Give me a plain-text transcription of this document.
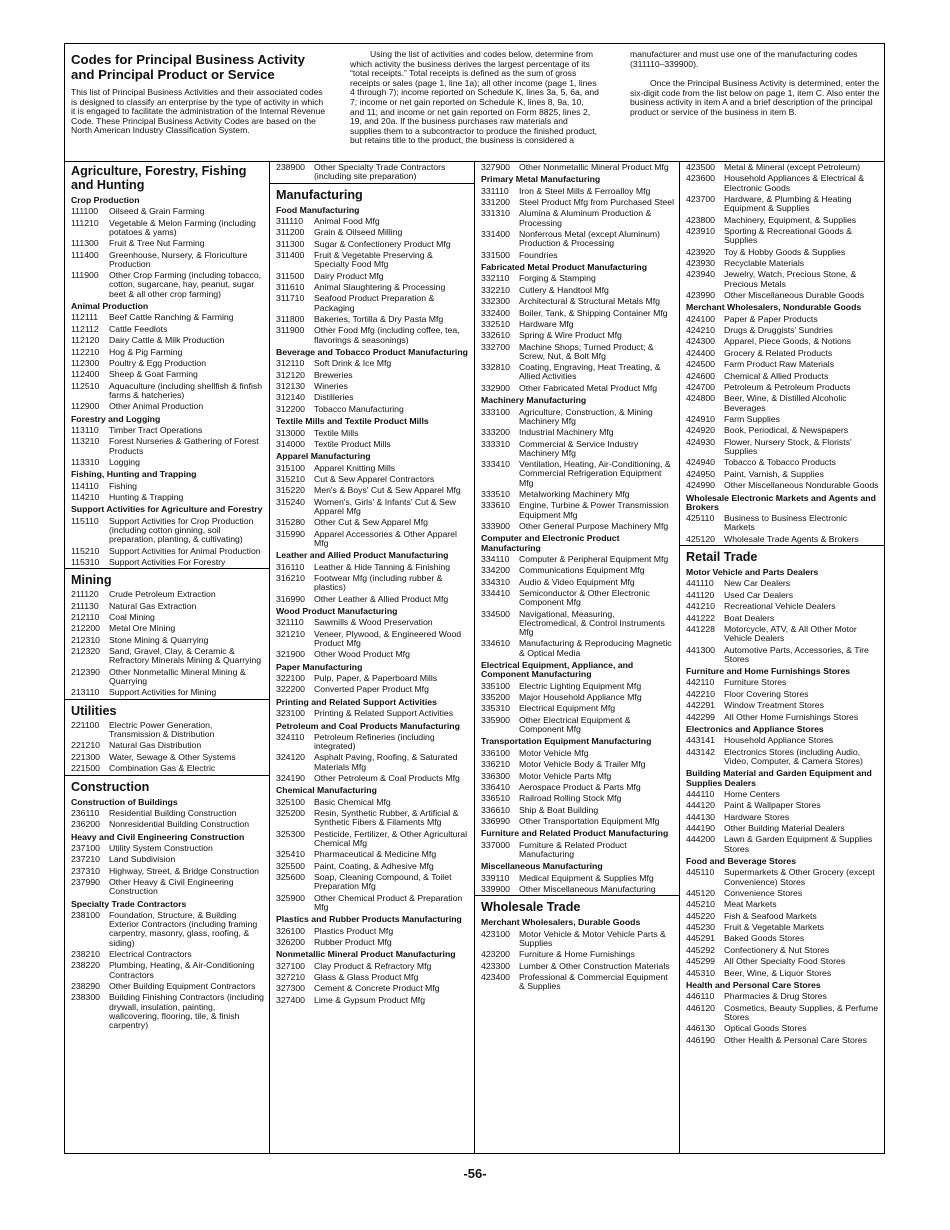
Codes for Principal Business Activity and Principal Product or Service

This list of Principal Business Activities and their associated codes is designed to classify an enterprise by the type of activity in which it is engaged to facilitate the administration of the Internal Revenue Code. These Principal Business Activity Codes are based on the North American Industry Classification System.

Using the list of activities and codes below, determine from which activity the business derives the largest percentage of its “total receipts.” Total receipts is defined as the sum of gross receipts or sales (page 1, line 1a); all other income (page 1, lines 4 through 7); income reported on Schedule K, lines 3a, 5, 6a, and 7; income or net gain reported on Schedule K, lines 8, 9a, 10, and 11; and income or net gain reported on Form 8825, lines 2, 19, and 20a. If the business purchases raw materials and supplies them to a subcontractor to produce the finished product, but retains title to the product, the business is considered a

manufacturer and must use one of the manufacturing codes (311110–339900).

Once the Principal Business Activity is determined, enter the six-digit code from the list below on page 1, item C. Also enter the business activity in item A and a brief description of the principal product or service of the business in item B.

Agriculture, Forestry, Fishing and Hunting
Crop Production
111100	Oilseed & Grain Farming
111210	Vegetable & Melon Farming (including potatoes & yams)
111300	Fruit & Tree Nut Farming
111400	Greenhouse, Nursery, & Floriculture Production
111900	Other Crop Farming (including tobacco, cotton, sugarcane, hay, peanut, sugar beet & all other crop farming)
Animal Production
112111	Beef Cattle Ranching & Farming
112112	Cattle Feedlots
112120	Dairy Cattle & Milk Production
112210	Hog & Pig Farming
112300	Poultry & Egg Production
112400	Sheep & Goat Farming
112510	Aquaculture (including shellfish & finfish farms & hatcheries)
112900	Other Animal Production
Forestry and Logging
113110	Timber Tract Operations
113210	Forest Nurseries & Gathering of Forest Products
113310	Logging
Fishing, Hunting and Trapping
114110	Fishing
114210	Hunting & Trapping
Support Activities for Agriculture and Forestry
115110	Support Activities for Crop Production (including cotton ginning, soil preparation, planting, & cultivating)
115210	Support Activities for Animal Production
115310	Support Activities For Forestry
Mining
211120	Crude Petroleum Extraction
211130	Natural Gas Extraction
212110	Coal Mining
212200	Metal Ore Mining
212310	Stone Mining & Quarrying
212320	Sand, Gravel, Clay, & Ceramic & Refractory Minerals Mining & Quarrying
212390	Other Nonmetallic Mineral Mining & Quarrying
213110	Support Activities for Mining
Utilities
221100	Electric Power Generation, Transmission & Distribution
221210	Natural Gas Distribution
221300	Water, Sewage & Other Systems
221500	Combination Gas & Electric
Construction
Construction of Buildings
236110	Residential Building Construction
236200	Nonresidential Building Construction
Heavy and Civil Engineering Construction
237100	Utility System Construction
237210	Land Subdivision
237310	Highway, Street, & Bridge Construction
237990	Other Heavy & Civil Engineering Construction
Specialty Trade Contractors
238100	Foundation, Structure, & Building Exterior Contractors (including framing carpentry, masonry, glass, roofing, & siding)
238210	Electrical Contractors
238220	Plumbing, Heating, & Air-Conditioning Contractors
238290	Other Building Equipment Contractors
238300	Building Finishing Contractors (including drywall, insulation, painting, wallcovering, flooring, tile, & finish carpentry)
238900	Other Specialty Trade Contractors (including site preparation)
Manufacturing
Food Manufacturing
311110	Animal Food Mfg
311200	Grain & Oilseed Milling
311300	Sugar & Confectionery Product Mfg
311400	Fruit & Vegetable Preserving & Specialty Food Mfg
311500	Dairy Product Mfg
311610	Animal Slaughtering & Processing
311710	Seafood Product Preparation & Packaging
311800	Bakeries, Tortilla & Dry Pasta Mfg
311900	Other Food Mfg (including coffee, tea, flavorings & seasonings)
Beverage and Tobacco Product Manufacturing
312110	Soft Drink & Ice Mfg
312120	Breweries
312130	Wineries
312140	Distilleries
312200	Tobacco Manufacturing
Textile Mills and Textile Product Mills
313000	Textile Mills
314000	Textile Product Mills
Apparel Manufacturing
315100	Apparel Knitting Mills
315210	Cut & Sew Apparel Contractors
315220	Men's & Boys' Cut & Sew Apparel Mfg
315240	Women's, Girls' & Infants' Cut & Sew Apparel Mfg
315280	Other Cut & Sew Apparel Mfg
315990	Apparel Accessories & Other Apparel Mfg
Leather and Allied Product Manufacturing
316110	Leather & Hide Tanning & Finishing
316210	Footwear Mfg (including rubber & plastics)
316990	Other Leather & Allied Product Mfg
Wood Product Manufacturing
321110	Sawmills & Wood Preservation
321210	Veneer, Plywood, & Engineered Wood Product Mfg
321900	Other Wood Product Mfg
Paper Manufacturing
322100	Pulp, Paper, & Paperboard Mills
322200	Converted Paper Product Mfg
Printing and Related Support Activities
323100	Printing & Related Support Activities
Petroleum and Coal Products Manufacturing
324110	Petroleum Refineries (including integrated)
324120	Asphalt Paving, Roofing, & Saturated Materials Mfg
324190	Other Petroleum & Coal Products Mfg
Chemical Manufacturing
325100	Basic Chemical Mfg
325200	Resin, Synthetic Rubber, & Artificial & Synthetic Fibers & Filaments Mfg
325300	Pesticide, Fertilizer, & Other Agricultural Chemical Mfg
325410	Pharmaceutical & Medicine Mfg
325500	Paint, Coating, & Adhesive Mfg
325600	Soap, Cleaning Compound, & Toilet Preparation Mfg
325900	Other Chemical Product & Preparation Mfg
Plastics and Rubber Products Manufacturing
326100	Plastics Product Mfg
326200	Rubber Product Mfg
Nonmetallic Mineral Product Manufacturing
327100	Clay Product & Refractory Mfg
327210	Glass & Glass Product Mfg
327300	Cement & Concrete Product Mfg
327400	Lime & Gypsum Product Mfg
327900	Other Nonmetallic Mineral Product Mfg
Primary Metal Manufacturing
331110	Iron & Steel Mills & Ferroalloy Mfg
331200	Steel Product Mfg from Purchased Steel
331310	Alumina & Aluminum Production & Processing
331400	Nonferrous Metal (except Aluminum) Production & Processing
331500	Foundries
Fabricated Metal Product Manufacturing
332110	Forging & Stamping
332210	Cutlery & Handtool Mfg
332300	Architectural & Structural Metals Mfg
332400	Boiler, Tank, & Shipping Container Mfg
332510	Hardware Mfg
332610	Spring & Wire Product Mfg
332700	Machine Shops; Turned Product; & Screw, Nut, & Bolt Mfg
332810	Coating, Engraving, Heat Treating, & Allied Activities
332900	Other Fabricated Metal Product Mfg
Machinery Manufacturing
333100	Agriculture, Construction, & Mining Machinery Mfg
333200	Industrial Machinery Mfg
333310	Commercial & Service Industry Machinery Mfg
333410	Ventilation, Heating, Air-Conditioning, & Commercial Refrigeration Equipment Mfg
333510	Metalworking Machinery Mfg
333610	Engine, Turbine & Power Transmission Equipment Mfg
333900	Other General Purpose Machinery Mfg
Computer and Electronic Product Manufacturing
334110	Computer & Peripheral Equipment Mfg
334200	Communications Equipment Mfg
334310	Audio & Video Equipment Mfg
334410	Semiconductor & Other Electronic Component Mfg
334500	Navigational, Measuring, Electromedical, & Control Instruments Mfg
334610	Manufacturing & Reproducing Magnetic & Optical Media
Electrical Equipment, Appliance, and Component Manufacturing
335100	Electric Lighting Equipment Mfg
335200	Major Household Appliance Mfg
335310	Electrical Equipment Mfg
335900	Other Electrical Equipment & Component Mfg
Transportation Equipment Manufacturing
336100	Motor Vehicle Mfg
336210	Motor Vehicle Body & Trailer Mfg
336300	Motor Vehicle Parts Mfg
336410	Aerospace Product & Parts Mfg
336510	Railroad Rolling Stock Mfg
336610	Ship & Boat Building
336990	Other Transportation Equipment Mfg
Furniture and Related Product Manufacturing
337000	Furniture & Related Product Manufacturing
Miscellaneous Manufacturing
339110	Medical Equipment & Supplies Mfg
339900	Other Miscellaneous Manufacturing
Wholesale Trade
Merchant Wholesalers, Durable Goods
423100	Motor Vehicle & Motor Vehicle Parts & Supplies
423200	Furniture & Home Furnishings
423300	Lumber & Other Construction Materials
423400	Professional & Commercial Equipment & Supplies
423500	Metal & Mineral (except Petroleum)
423600	Household Appliances & Electrical & Electronic Goods
423700	Hardware, & Plumbing & Heating Equipment & Supplies
423800	Machinery, Equipment, & Supplies
423910	Sporting & Recreational Goods & Supplies
423920	Toy & Hobby Goods & Supplies
423930	Recyclable Materials
423940	Jewelry, Watch, Precious Stone, & Precious Metals
423990	Other Miscellaneous Durable Goods
Merchant Wholesalers, Nondurable Goods
424100	Paper & Paper Products
424210	Drugs & Druggists' Sundries
424300	Apparel, Piece Goods, & Notions
424400	Grocery & Related Products
424500	Farm Product Raw Materials
424600	Chemical & Allied Products
424700	Petroleum & Petroleum Products
424800	Beer, Wine, & Distilled Alcoholic Beverages
424910	Farm Supplies
424920	Book, Periodical, & Newspapers
424930	Flower, Nursery Stock, & Florists' Supplies
424940	Tobacco & Tobacco Products
424950	Paint, Varnish, & Supplies
424990	Other Miscellaneous Nondurable Goods
Wholesale Electronic Markets and Agents and Brokers
425110	Business to Business Electronic Markets
425120	Wholesale Trade Agents & Brokers
Retail Trade
Motor Vehicle and Parts Dealers
441110	New Car Dealers
441120	Used Car Dealers
441210	Recreational Vehicle Dealers
441222	Boat Dealers
441228	Motorcycle, ATV, & All Other Motor Vehicle Dealers
441300	Automotive Parts, Accessories, & Tire Stores
Furniture and Home Furnishings Stores
442110	Furniture Stores
442210	Floor Covering Stores
442291	Window Treatment Stores
442299	All Other Home Furnishings Stores
Electronics and Appliance Stores
443141	Household Appliance Stores
443142	Electronics Stores (including Audio, Video, Computer, & Camera Stores)
Building Material and Garden Equipment and Supplies Dealers
444110	Home Centers
444120	Paint & Wallpaper Stores
444130	Hardware Stores
444190	Other Building Material Dealers
444200	Lawn & Garden Equipment & Supplies Stores
Food and Beverage Stores
445110	Supermarkets & Other Grocery (except Convenience) Stores
445120	Convenience Stores
445210	Meat Markets
445220	Fish & Seafood Markets
445230	Fruit & Vegetable Markets
445291	Baked Goods Stores
445292	Confectionery & Nut Stores
445299	All Other Specialty Food Stores
445310	Beer, Wine, & Liquor Stores
Health and Personal Care Stores
446110	Pharmacies & Drug Stores
446120	Cosmetics, Beauty Supplies, & Perfume Stores
446130	Optical Goods Stores
446190	Other Health & Personal Care Stores
-56-
